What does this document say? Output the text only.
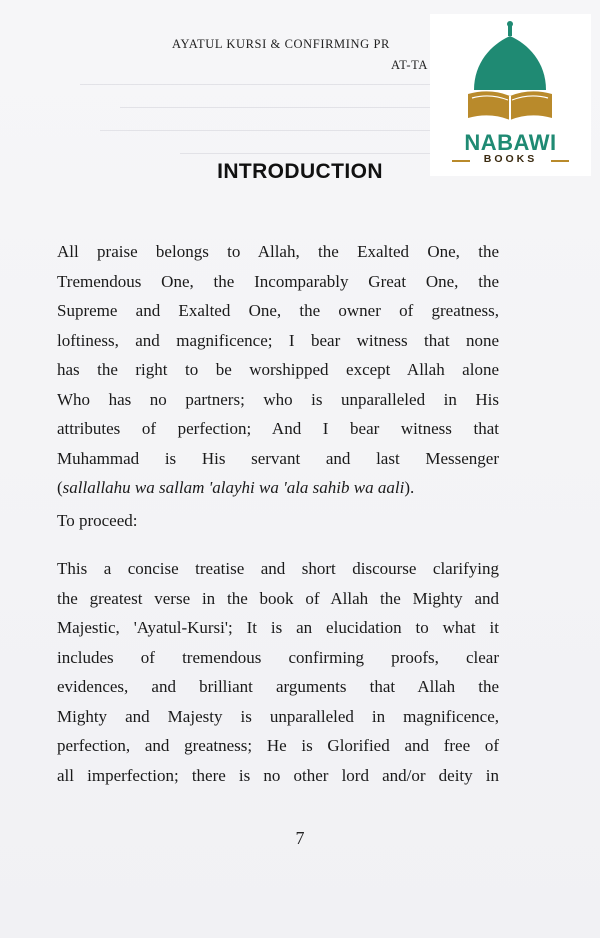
AYATUL KURSI & CONFIRMING PR
AT-TA
NABAWI
BOOKS
INTRODUCTION
All praise belongs to Allah, the Exalted One, the
Tremendous One, the Incomparably Great One, the
Supreme and Exalted One, the owner of greatness,
loftiness, and magnificence; I bear witness that none
has the right to be worshipped except Allah alone
Who has no partners; who is unparalleled in His
attributes of perfection; And I bear witness that
Muhammad is His servant and last Messenger
(sallallahu wa sallam 'alayhi wa 'ala sahib wa aali).
To proceed:
This a concise treatise and short discourse clarifying
the greatest verse in the book of Allah the Mighty and
Majestic, 'Ayatul-Kursi'; It is an elucidation to what it
includes of tremendous confirming proofs, clear
evidences, and brilliant arguments that Allah the
Mighty and Majesty is unparalleled in magnificence,
perfection, and greatness; He is Glorified and free of
all imperfection; there is no other lord and/or deity in
7
